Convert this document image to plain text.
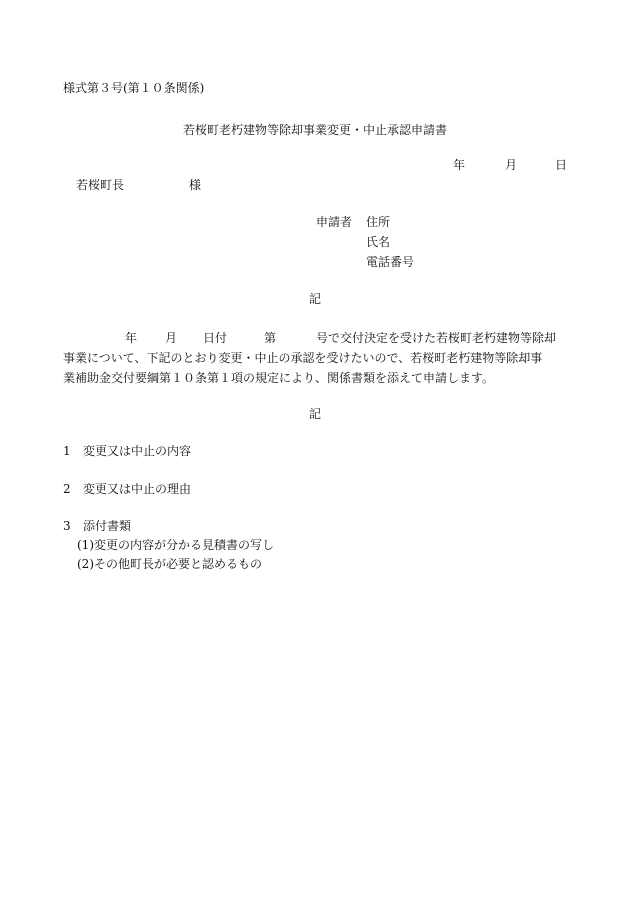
様式第３号(第１０条関係)
若桜町老朽建物等除却事業変更・中止承認申請書
年	月	日
若桜町長	様
申請者 住所
氏名
電話番号
記
年 月 日付	第	号で交付決定を受けた若桜町老朽建物等除却
事業について、下記のとおり変更・中止の承認を受けたいので、若桜町老朽建物等除却事
業補助金交付要綱第１０条第１項の規定により、関係書類を添えて申請します。
記
1 変更又は中止の内容
2 変更又は中止の理由
3 添付書類
(1)変更の内容が分かる見積書の写し
(2)その他町長が必要と認めるもの
